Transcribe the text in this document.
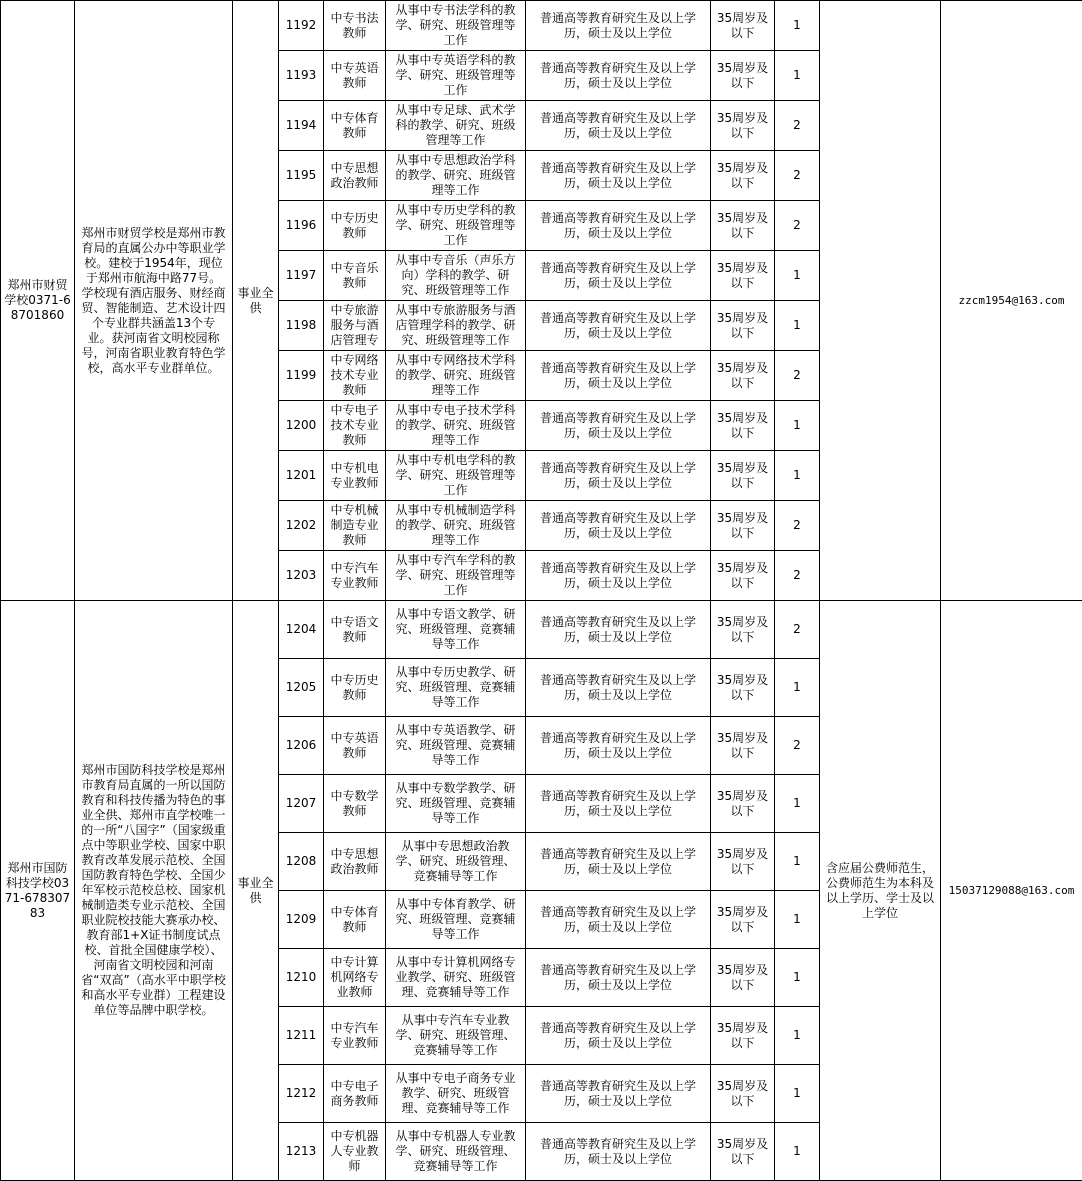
郑州市财贸学校0371-68701860	郑州市财贸学校是郑州市教育局的直属公办中等职业学校。建校于1954年，现位于郑州市航海中路77号。学校现有酒店服务、财经商贸、智能制造、艺术设计四个专业群共涵盖13个专业。获河南省文明校园称号，河南省职业教育特色学校，高水平专业群单位。	事业全供	1192	中专书法教师	从事中专书法学科的教学、研究、班级管理等工作	普通高等教育研究生及以上学历，硕士及以上学位	35周岁及以下	1		zzcm1954@163.com
			1193	中专英语教师	从事中专英语学科的教学、研究、班级管理等工作	普通高等教育研究生及以上学历，硕士及以上学位	35周岁及以下	1		
			1194	中专体育教师	从事中专足球、武术学科的教学、研究、班级管理等工作	普通高等教育研究生及以上学历，硕士及以上学位	35周岁及以下	2		
			1195	中专思想政治教师	从事中专思想政治学科的教学、研究、班级管理等工作	普通高等教育研究生及以上学历，硕士及以上学位	35周岁及以下	2		
			1196	中专历史教师	从事中专历史学科的教学、研究、班级管理等工作	普通高等教育研究生及以上学历，硕士及以上学位	35周岁及以下	2		
			1197	中专音乐教师	从事中专音乐（声乐方向）学科的教学、研究、班级管理等工作	普通高等教育研究生及以上学历，硕士及以上学位	35周岁及以下	1		
			1198	中专旅游服务与酒店管理专	从事中专旅游服务与酒店管理学科的教学、研究、班级管理等工作	普通高等教育研究生及以上学历，硕士及以上学位	35周岁及以下	1		
			1199	中专网络技术专业教师	从事中专网络技术学科的教学、研究、班级管理等工作	普通高等教育研究生及以上学历，硕士及以上学位	35周岁及以下	2		
			1200	中专电子技术专业教师	从事中专电子技术学科的教学、研究、班级管理等工作	普通高等教育研究生及以上学历，硕士及以上学位	35周岁及以下	1		
			1201	中专机电专业教师	从事中专机电学科的教学、研究、班级管理等工作	普通高等教育研究生及以上学历，硕士及以上学位	35周岁及以下	1		
			1202	中专机械制造专业教师	从事中专机械制造学科的教学、研究、班级管理等工作	普通高等教育研究生及以上学历，硕士及以上学位	35周岁及以下	2		
			1203	中专汽车专业教师	从事中专汽车学科的教学、研究、班级管理等工作	普通高等教育研究生及以上学历，硕士及以上学位	35周岁及以下	2		
郑州市国防科技学校0371-67830783	郑州市国防科技学校是郑州市教育局直属的一所以国防教育和科技传播为特色的事业全供、郑州市直学校唯一的一所“八国字”（国家级重点中等职业学校、国家中职教育改革发展示范校、全国国防教育特色学校、全国少年军校示范校总校、国家机械制造类专业示范校、全国职业院校技能大赛承办校、教育部1+X证书制度试点校、首批全国健康学校）、河南省文明校园和河南省“双高”（高水平中职学校和高水平专业群）工程建设单位等品牌中职学校。	事业全供	1204	中专语文教师	从事中专语文教学、研究、班级管理、竞赛辅导等工作	普通高等教育研究生及以上学历，硕士及以上学位	35周岁及以下	2	含应届公费师范生，公费师范生为本科及以上学历、学士及以上学位	15037129088@163.com
			1205	中专历史教师	从事中专历史教学、研究、班级管理、竞赛辅导等工作	普通高等教育研究生及以上学历，硕士及以上学位	35周岁及以下	1		
			1206	中专英语教师	从事中专英语教学、研究、班级管理、竞赛辅导等工作	普通高等教育研究生及以上学历，硕士及以上学位	35周岁及以下	2		
			1207	中专数学教师	从事中专数学教学、研究、班级管理、竞赛辅导等工作	普通高等教育研究生及以上学历，硕士及以上学位	35周岁及以下	1		
			1208	中专思想政治教师	从事中专思想政治教学、研究、班级管理、竞赛辅导等工作	普通高等教育研究生及以上学历，硕士及以上学位	35周岁及以下	1		
			1209	中专体育教师	从事中专体育教学、研究、班级管理、竞赛辅导等工作	普通高等教育研究生及以上学历，硕士及以上学位	35周岁及以下	1		
			1210	中专计算机网络专业教师	从事中专计算机网络专业教学、研究、班级管理、竞赛辅导等工作	普通高等教育研究生及以上学历，硕士及以上学位	35周岁及以下	1		
			1211	中专汽车专业教师	从事中专汽车专业教学、研究、班级管理、竞赛辅导等工作	普通高等教育研究生及以上学历，硕士及以上学位	35周岁及以下	1		
			1212	中专电子商务教师	从事中专电子商务专业教学、研究、班级管理、竞赛辅导等工作	普通高等教育研究生及以上学历，硕士及以上学位	35周岁及以下	1		
			1213	中专机器人专业教师	从事中专机器人专业教学、研究、班级管理、竞赛辅导等工作	普通高等教育研究生及以上学历，硕士及以上学位	35周岁及以下	1		
